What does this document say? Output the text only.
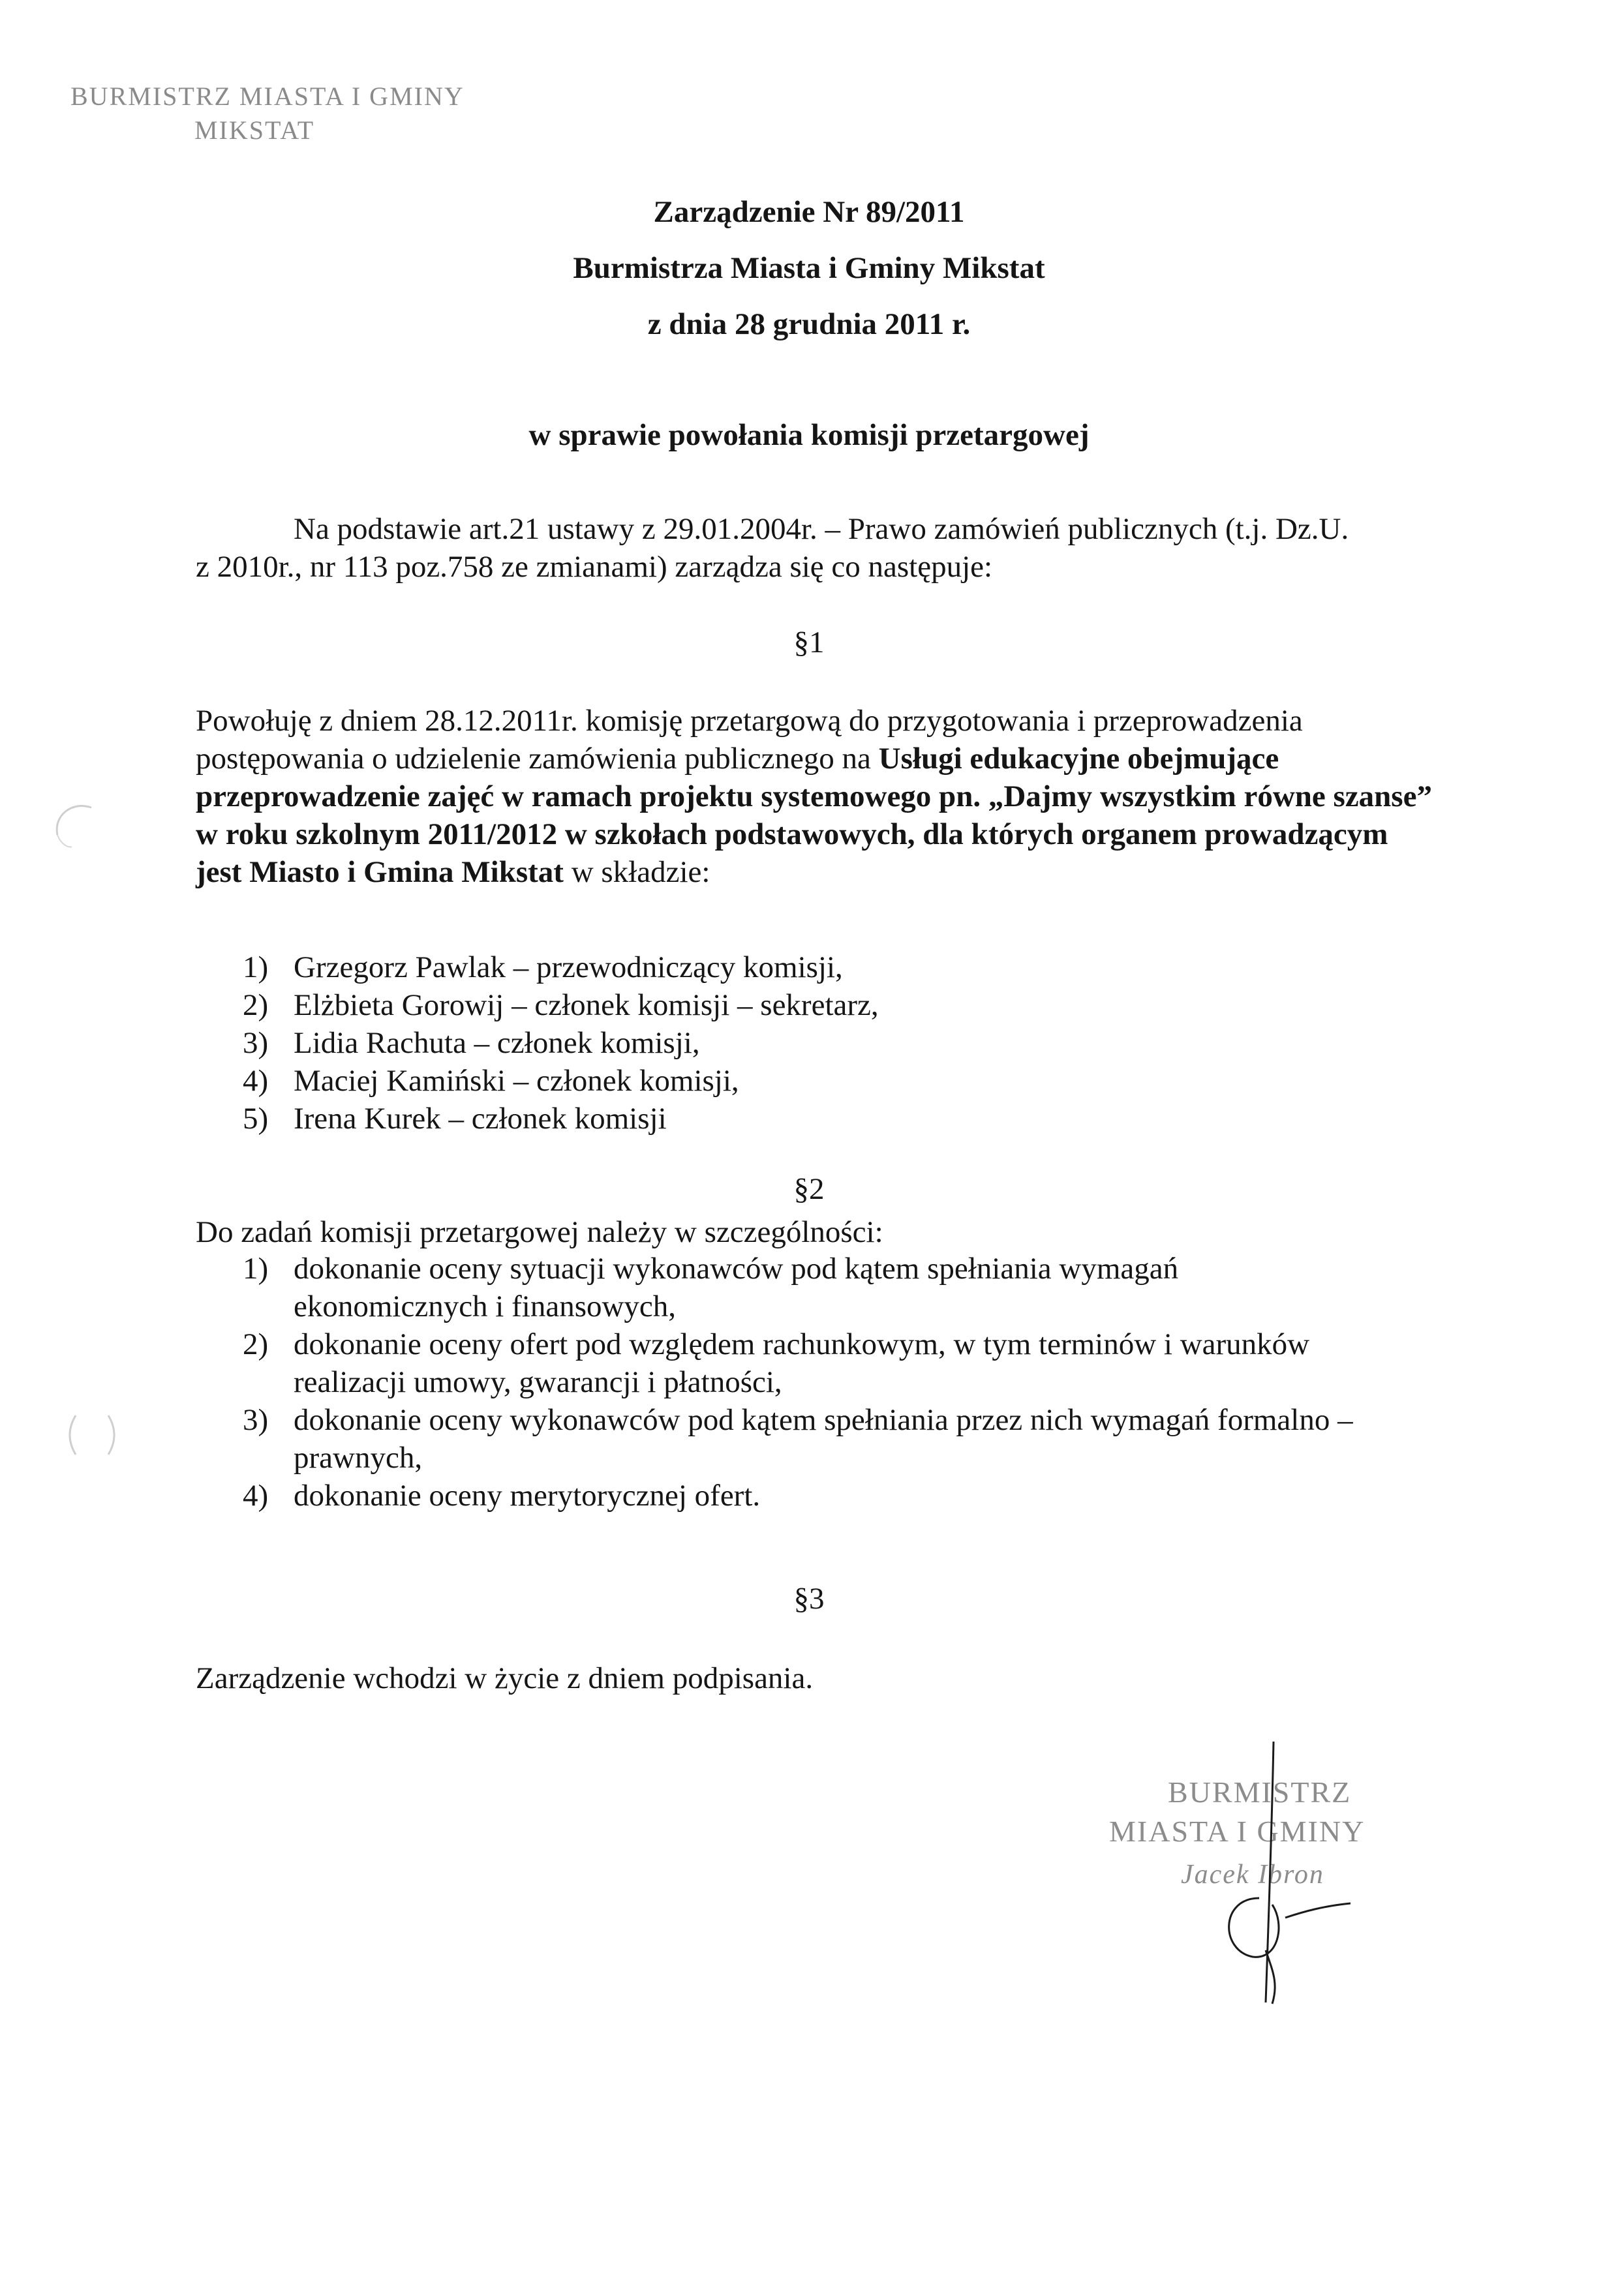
BURMISTRZ MIASTA I GMINY
MIKSTAT
Zarządzenie Nr 89/2011
Burmistrza Miasta i Gminy Mikstat
z dnia 28 grudnia 2011 r.
w sprawie powołania komisji przetargowej
Na podstawie art.21 ustawy z 29.01.2004r. – Prawo zamówień publicznych (t.j. Dz.U.
z 2010r., nr 113 poz.758 ze zmianami) zarządza się co następuje:
§1
Powołuję z dniem 28.12.2011r. komisję przetargową do przygotowania i przeprowadzenia postępowania o udzielenie zamówienia publicznego na Usługi edukacyjne obejmujące przeprowadzenie zajęć w ramach projektu systemowego pn. „Dajmy wszystkim równe szanse” w roku szkolnym 2011/2012 w szkołach podstawowych, dla których organem prowadzącym jest Miasto i Gmina Mikstat w składzie:
1) Grzegorz Pawlak – przewodniczący komisji,
2) Elżbieta Gorowij – członek komisji – sekretarz,
3) Lidia Rachuta – członek komisji,
4) Maciej Kamiński – członek komisji,
5) Irena Kurek – członek komisji
§2
Do zadań komisji przetargowej należy w szczególności:
1) dokonanie oceny sytuacji wykonawców pod kątem spełniania wymagań
ekonomicznych i finansowych,
2) dokonanie oceny ofert pod względem rachunkowym, w tym terminów i warunków
realizacji umowy, gwarancji i płatności,
3) dokonanie oceny wykonawców pod kątem spełniania przez nich wymagań formalno –
prawnych,
4) dokonanie oceny merytorycznej ofert.
§3
Zarządzenie wchodzi w życie z dniem podpisania.
BURMISTRZ
MIASTA I GMINY
Jacek Ibron
